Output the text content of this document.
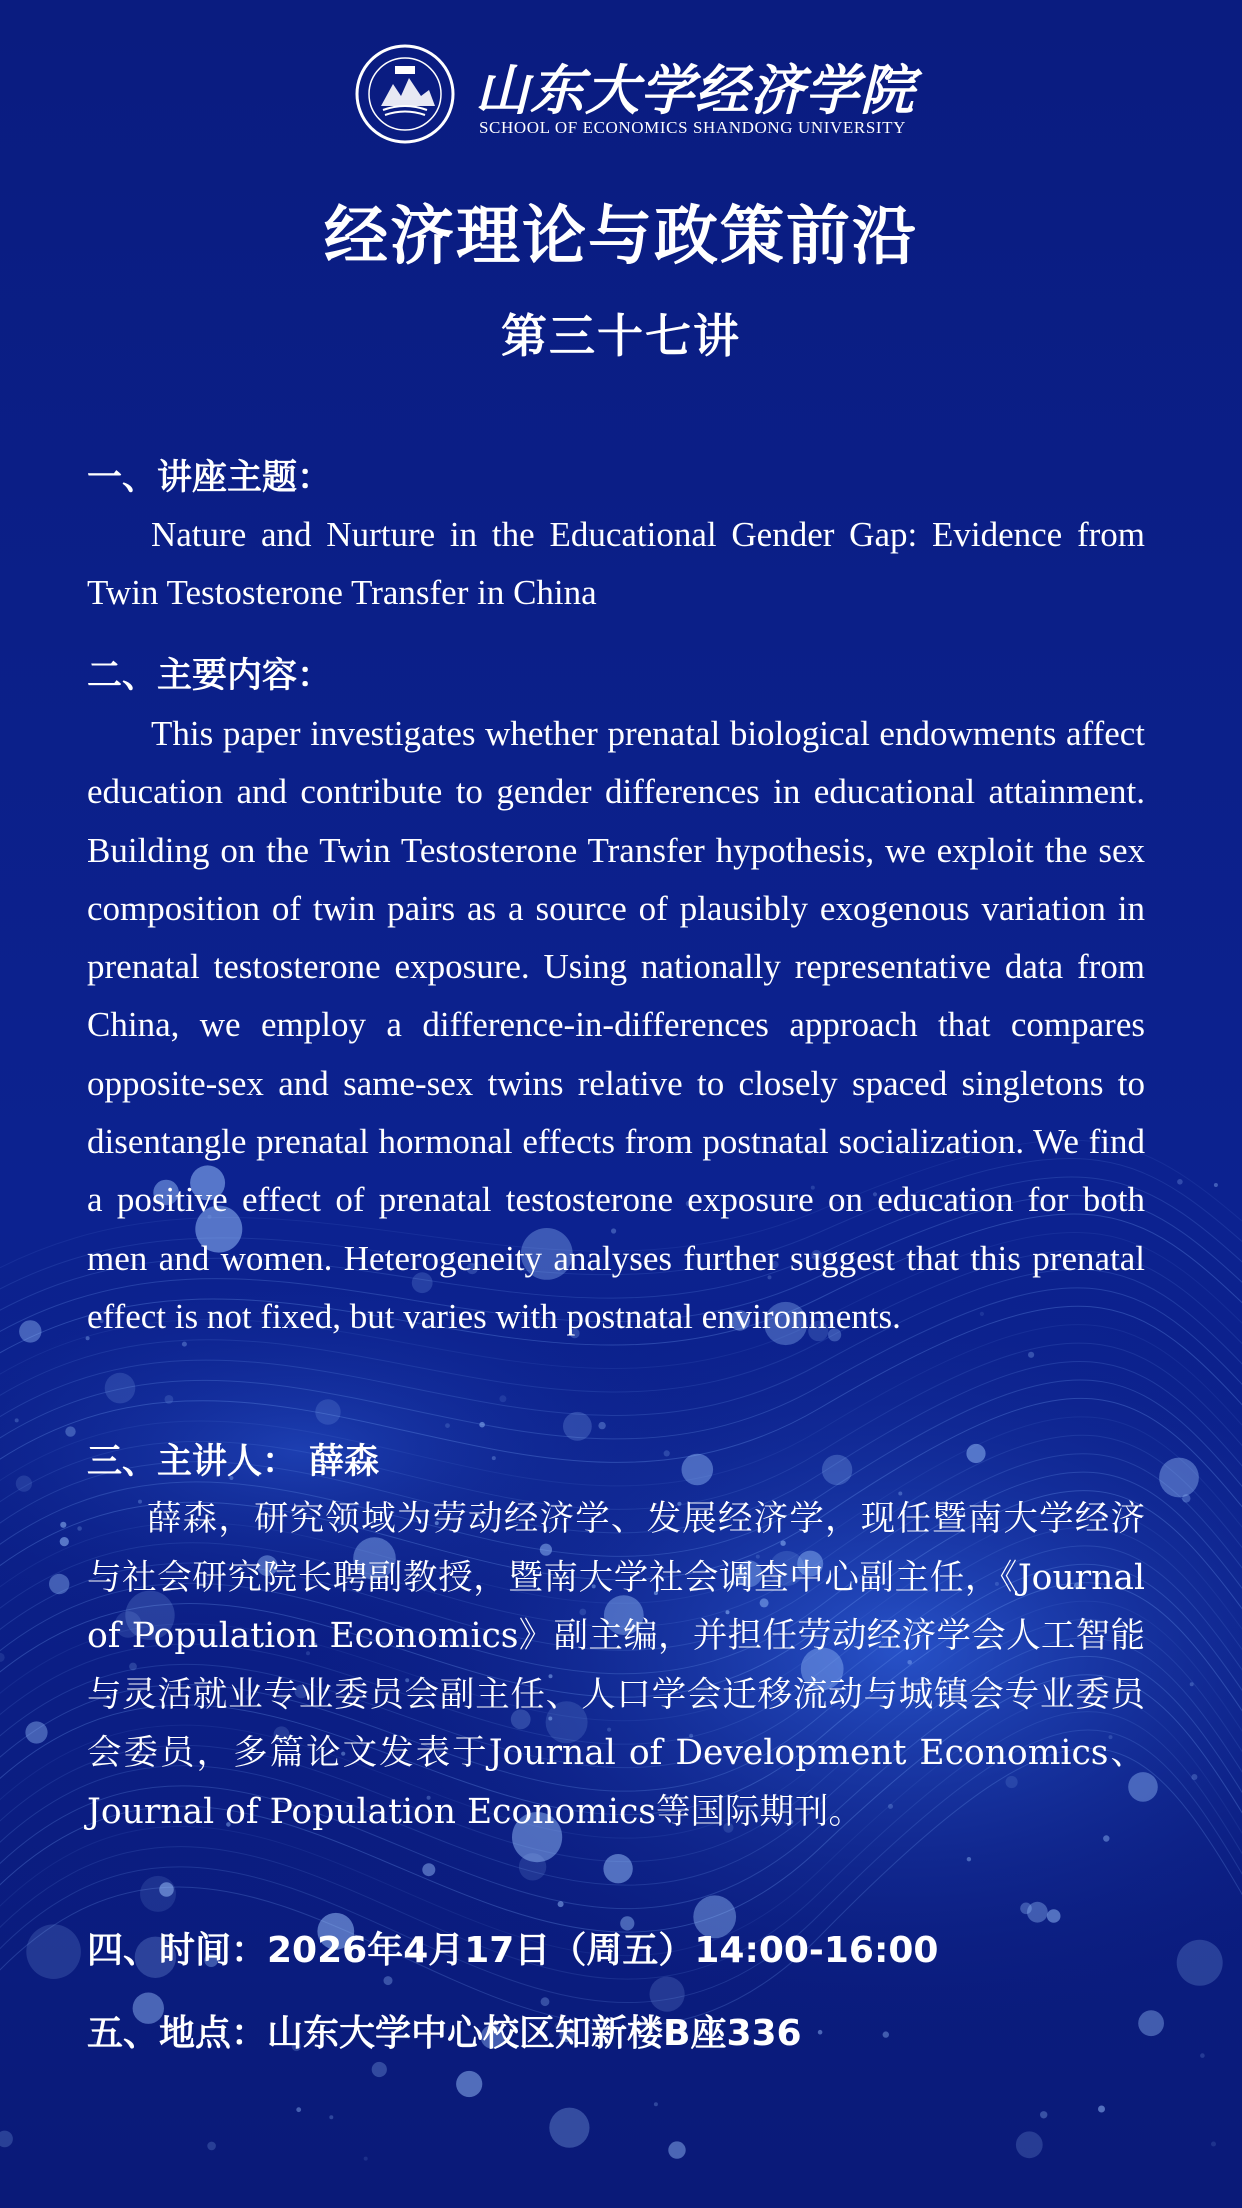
山东大学经济学院
SCHOOL OF ECONOMICS SHANDONG UNIVERSITY
经济理论与政策前沿
第三十七讲
一、讲座主题：
Nature and Nurture in the Educational Gender Gap: Evidence from Twin Testosterone Transfer in China
二、主要内容：
This paper investigates whether prenatal biological endowments affect education and contribute to gender differences in educational attainment. Building on the Twin Testosterone Transfer hypothesis, we exploit the sex composition of twin pairs as a source of plausibly exogenous variation in prenatal testosterone exposure. Using nationally representative data from China, we employ a difference-in-differences approach that compares opposite-sex and same-sex twins relative to closely spaced singletons to disentangle prenatal hormonal effects from postnatal socialization. We find a positive effect of prenatal testosterone exposure on education for both men and women. Heterogeneity analyses further suggest that this prenatal effect is not fixed, but varies with postnatal environments.
三、主讲人： 薛森
薛森，研究领域为劳动经济学、发展经济学，现任暨南大学经济与社会研究院长聘副教授，暨南大学社会调查中心副主任，《Journal of Population Economics》副主编，并担任劳动经济学会人工智能与灵活就业专业委员会副主任、人口学会迁移流动与城镇会专业委员会委员，多篇论文发表于Journal of Development Economics、Journal of Population Economics等国际期刊。
四、时间：2026年4月17日（周五）14:00-16:00
五、地点：山东大学中心校区知新楼B座336
